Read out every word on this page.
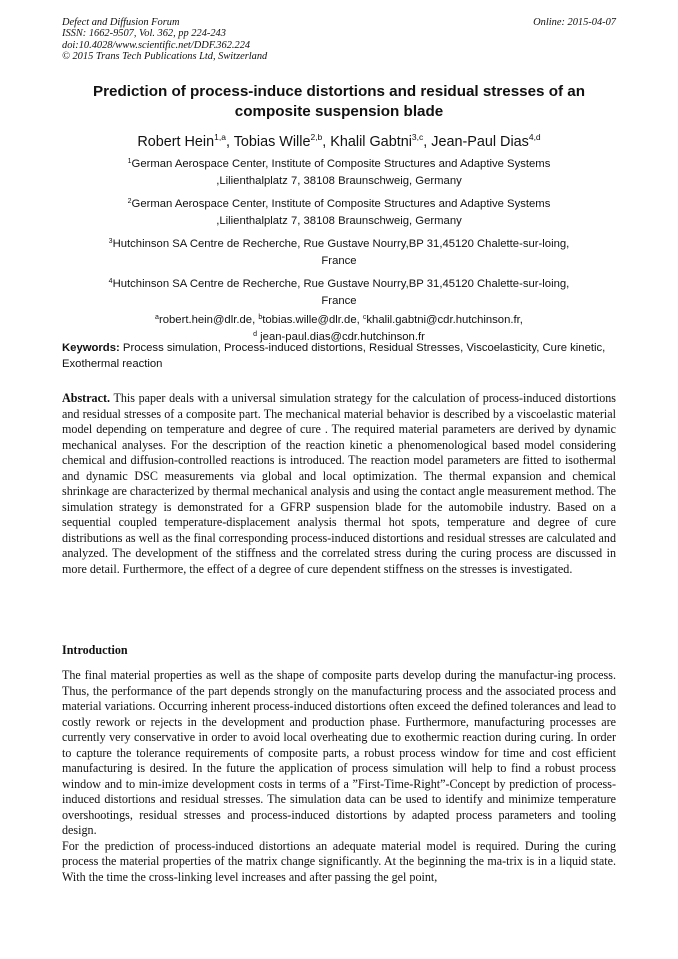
Defect and Diffusion Forum
ISSN: 1662-9507, Vol. 362, pp 224-243
doi:10.4028/www.scientific.net/DDF.362.224
© 2015 Trans Tech Publications Ltd, Switzerland
Online: 2015-04-07
Prediction of process-induce distortions and residual stresses of an composite suspension blade
Robert Hein$^{1,a}$, Tobias Wille$^{2,b}$, Khalil Gabtni$^{3,c}$, Jean-Paul Dias$^{4,d}$
$^1$German Aerospace Center, Institute of Composite Structures and Adaptive Systems
,Lilienthalplatz 7, 38108 Braunschweig, Germany
$^2$German Aerospace Center, Institute of Composite Structures and Adaptive Systems
,Lilienthalplatz 7, 38108 Braunschweig, Germany
$^3$Hutchinson SA Centre de Recherche, Rue Gustave Nourry,BP 31,45120 Chalette-sur-loing,
France
$^4$Hutchinson SA Centre de Recherche, Rue Gustave Nourry,BP 31,45120 Chalette-sur-loing,
France
$^a$robert.hein@dlr.de, $^b$tobias.wille@dlr.de, $^c$khalil.gabtni@cdr.hutchinson.fr,
$^d$ jean-paul.dias@cdr.hutchinson.fr
Keywords: Process simulation, Process-induced distortions, Residual Stresses, Viscoelasticity, Cure kinetic, Exothermal reaction
Abstract. This paper deals with a universal simulation strategy for the calculation of process-induced distortions and residual stresses of a composite part. The mechanical material behavior is described by a viscoelastic material model depending on temperature and degree of cure . The required material parameters are derived by dynamic mechanical analyses. For the description of the reaction kinetic a phenomenological based model considering chemical and diffusion-controlled reactions is introduced. The reaction model parameters are fitted to isothermal and dynamic DSC measurements via global and local optimization. The thermal expansion and chemical shrinkage are characterized by thermal mechanical analysis and using the contact angle measurement method. The simulation strategy is demonstrated for a GFRP suspension blade for the automobile industry. Based on a sequential coupled temperature-displacement analysis thermal hot spots, temperature and degree of cure distributions as well as the final corresponding process-induced distortions and residual stresses are calculated and analyzed. The development of the stiffness and the correlated stress during the curing process are discussed in more detail. Furthermore, the effect of a degree of cure dependent stiffness on the stresses is investigated.
Introduction

The final material properties as well as the shape of composite parts develop during the manufactur-ing process. Thus, the performance of the part depends strongly on the manufacturing process and the associated process and material variations. Occurring inherent process-induced distortions often exceed the defined tolerances and lead to costly rework or rejects in the development and production phase. Furthermore, manufacturing processes are currently very conservative in order to avoid local overheating due to exothermic reaction during curing. In order to capture the tolerance requirements of composite parts, a robust process window for time and cost efficient manufacturing is desired. In the future the application of process simulation will help to find a robust process window and to min-imize development costs in terms of a ”First-Time-Right”-Concept by prediction of process-induced distortions and residual stresses. The simulation data can be used to identify and minimize temperature overshootings, residual stresses and process-induced distortions by adapted process parameters and tooling design.

For the prediction of process-induced distortions an adequate material model is required. During the curing process the material properties of the matrix change significantly. At the beginning the ma-trix is in a liquid state. With the time the cross-linking level increases and after passing the gel point,
